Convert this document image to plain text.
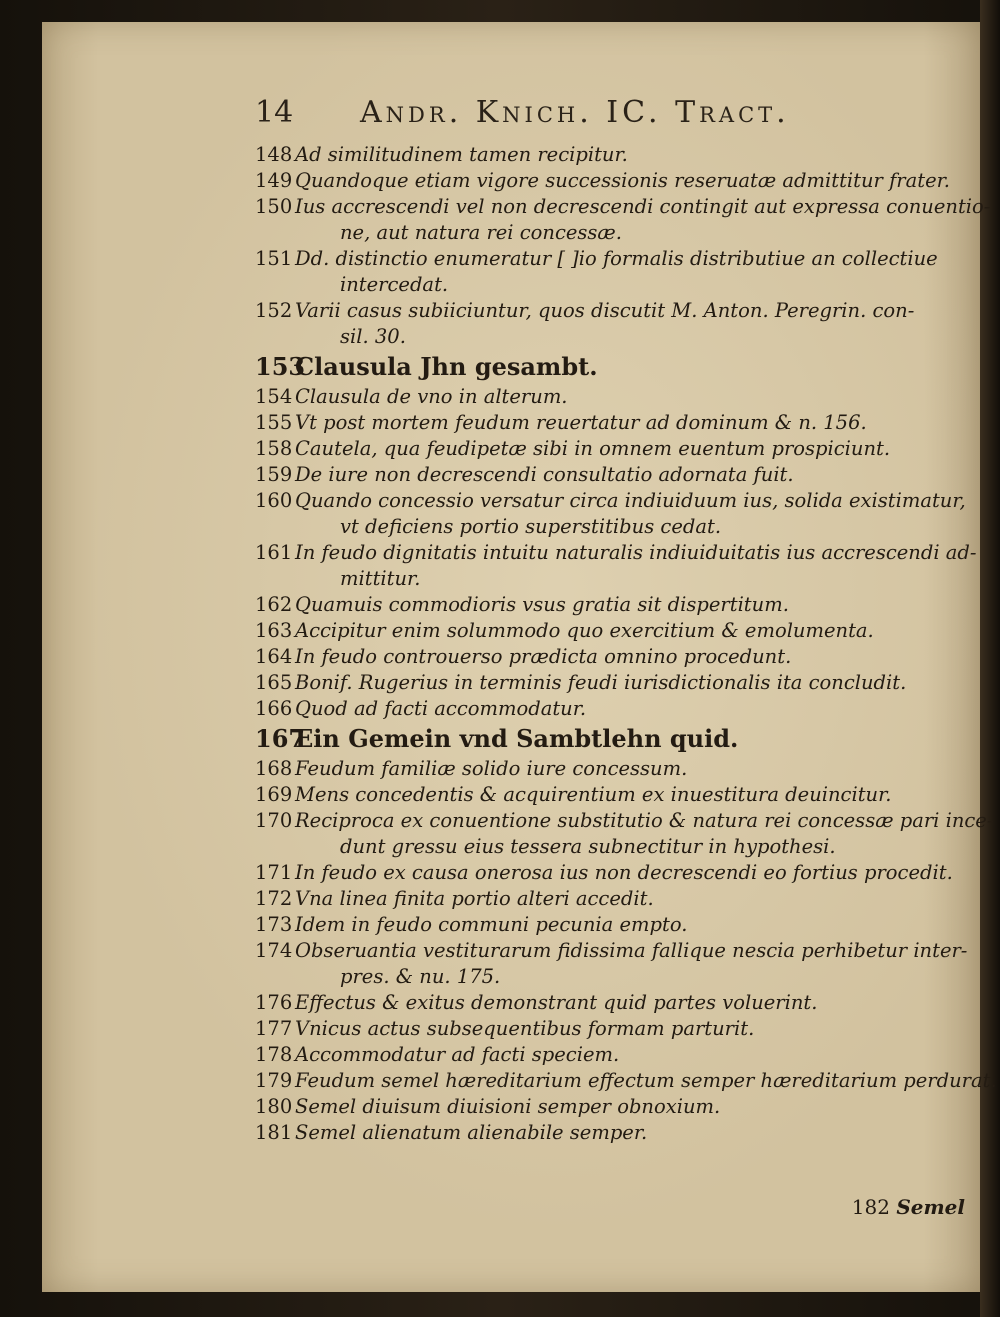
14 Andr. Knich. IC. Tract.
148 Ad similitudinem tamen recipitur.
149 Quandoque etiam vigore successionis reseruatæ admittitur frater.
150 Ius accrescendi vel non decrescendi contingit aut expressa conuentio-
ne, aut natura rei concessæ.
151 Dd. distinctio enumeratur [ ]io formalis distributiue an collectiue
intercedat.
152 Varii casus subiiciuntur, quos discutit M. Anton. Peregrin. con-
sil. 30.
153
Clausula Jhn gesambt.
154 Clausula de vno in alterum.
155 Vt post mortem feudum reuertatur ad dominum & n. 156.
158 Cautela, qua feudipetæ sibi in omnem euentum prospiciunt.
159 De iure non decrescendi consultatio adornata fuit.
160 Quando concessio versatur circa indiuiduum ius, solida existimatur,
vt deficiens portio superstitibus cedat.
161 In feudo dignitatis intuitu naturalis indiuiduitatis ius accrescendi ad-
mittitur.
162 Quamuis commodioris vsus gratia sit dispertitum.
163 Accipitur enim solummodo quo exercitium & emolumenta.
164 In feudo controuerso prædicta omnino procedunt.
165 Bonif. Rugerius in terminis feudi iurisdictionalis ita concludit.
166 Quod ad facti accommodatur.
167
Ein Gemein vnd Sambtlehn quid.
168 Feudum familiæ solido iure concessum.
169 Mens concedentis & acquirentium ex inuestitura deuincitur.
170 Reciproca ex conuentione substitutio & natura rei concessæ pari ince-
dunt gressu eius tessera subnectitur in hypothesi.
171 In feudo ex causa onerosa ius non decrescendi eo fortius procedit.
172 Vna linea finita portio alteri accedit.
173 Idem in feudo communi pecunia empto.
174 Obseruantia vestiturarum fidissima fallique nescia perhibetur inter-
pres. & nu. 175.
176 Effectus & exitus demonstrant quid partes voluerint.
177 Vnicus actus subsequentibus formam parturit.
178 Accommodatur ad facti speciem.
179 Feudum semel hæreditarium effectum semper hæreditarium perdurat.
180 Semel diuisum diuisioni semper obnoxium.
181 Semel alienatum alienabile semper.
182 Semel
